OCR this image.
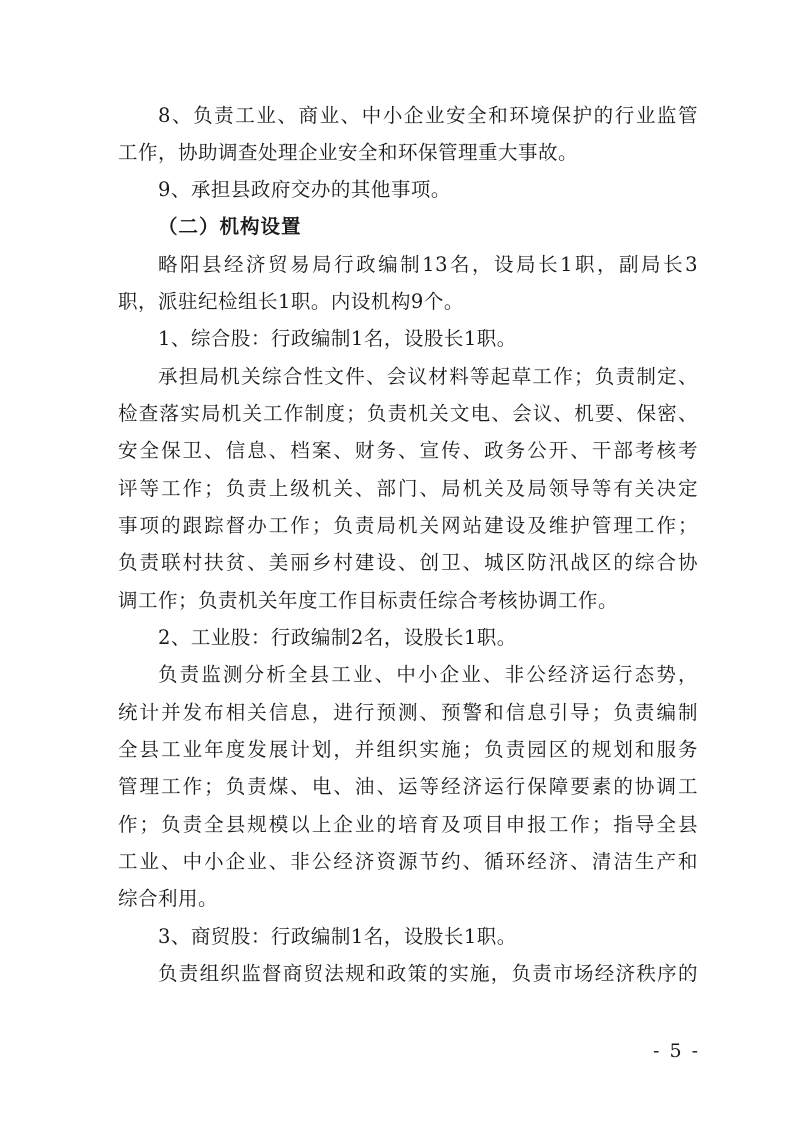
8、负责工业、商业、中小企业安全和环境保护的行业监管
工作，协助调查处理企业安全和环保管理重大事故。
9、承担县政府交办的其他事项。
（二）机构设置
略阳县经济贸易局行政编制13名，设局长1职，副局长3
职，派驻纪检组长1职。内设机构9个。
1、综合股：行政编制1名，设股长1职。
承担局机关综合性文件、会议材料等起草工作；负责制定、
检查落实局机关工作制度；负责机关文电、会议、机要、保密、
安全保卫、信息、档案、财务、宣传、政务公开、干部考核考
评等工作；负责上级机关、部门、局机关及局领导等有关决定
事项的跟踪督办工作；负责局机关网站建设及维护管理工作；
负责联村扶贫、美丽乡村建设、创卫、城区防汛战区的综合协
调工作；负责机关年度工作目标责任综合考核协调工作。
2、工业股：行政编制2名，设股长1职。
负责监测分析全县工业、中小企业、非公经济运行态势，
统计并发布相关信息，进行预测、预警和信息引导；负责编制
全县工业年度发展计划，并组织实施；负责园区的规划和服务
管理工作；负责煤、电、油、运等经济运行保障要素的协调工
作；负责全县规模以上企业的培育及项目申报工作；指导全县
工业、中小企业、非公经济资源节约、循环经济、清洁生产和
综合利用。
3、商贸股：行政编制1名，设股长1职。
负责组织监督商贸法规和政策的实施，负责市场经济秩序的
- 5 -
